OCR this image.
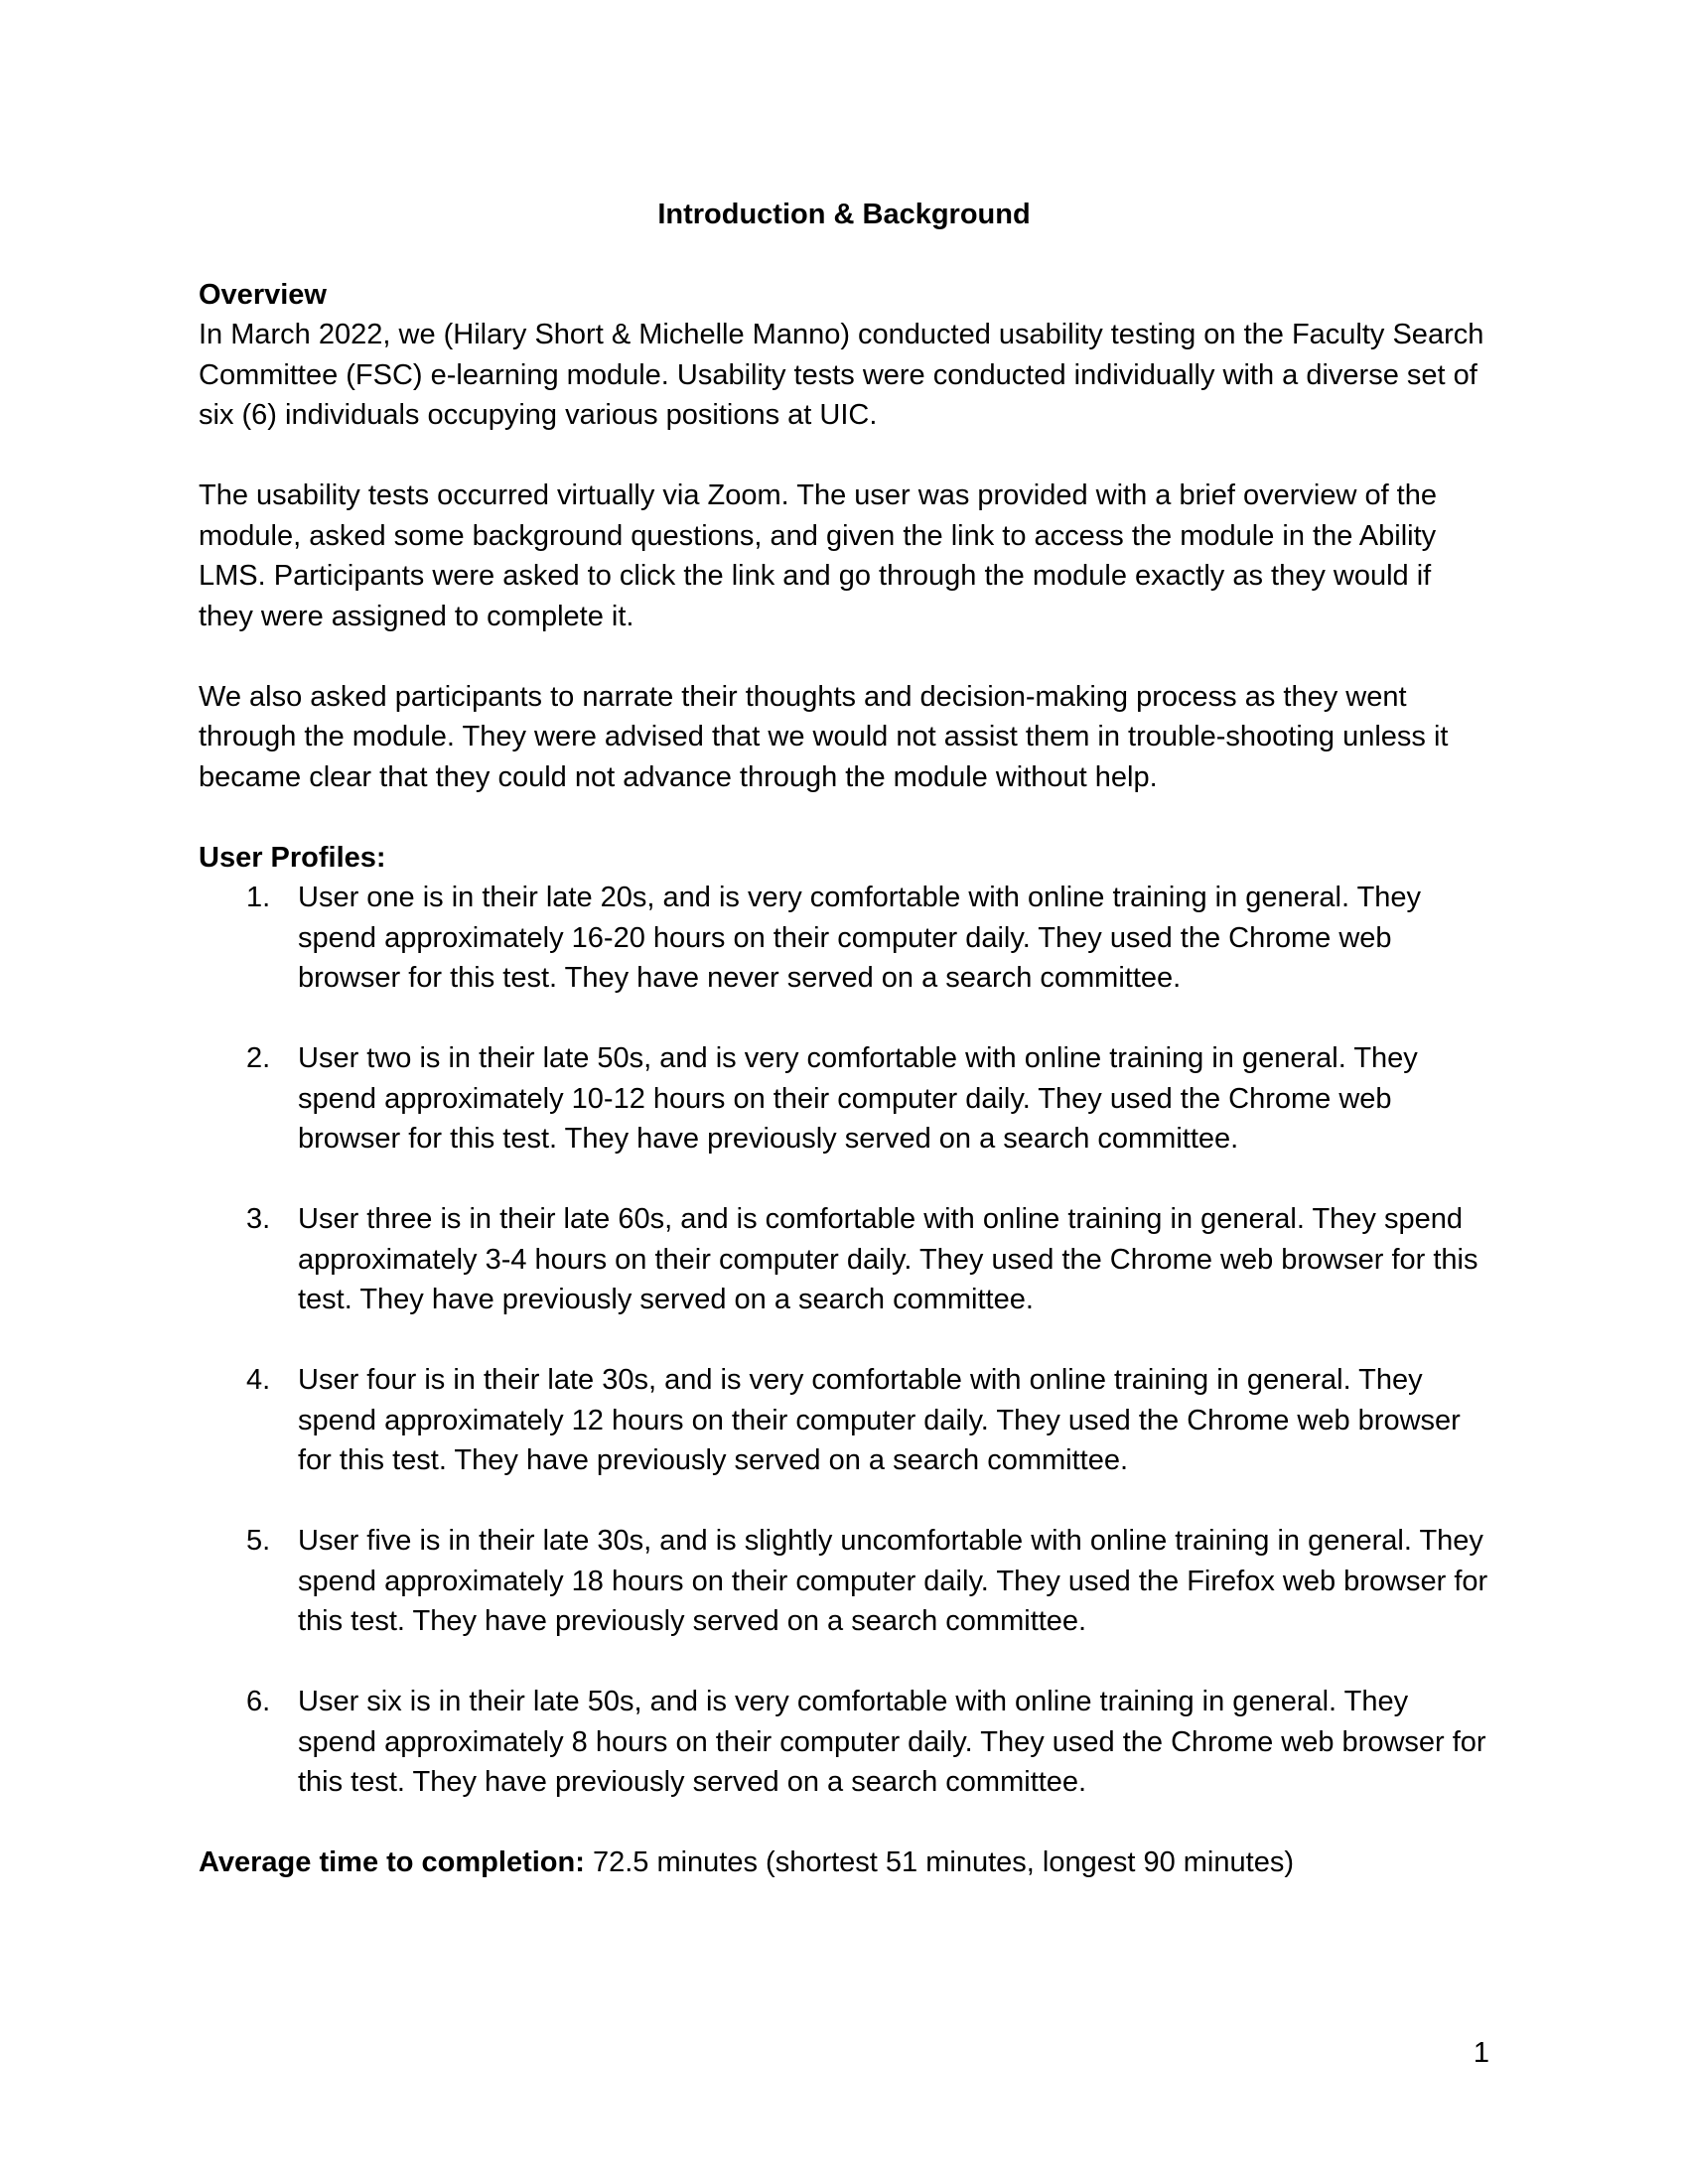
Introduction & Background
Overview

In March 2022, we (Hilary Short & Michelle Manno) conducted usability testing on the Faculty Search Committee (FSC) e-learning module. Usability tests were conducted individually with a diverse set of six (6) individuals occupying various positions at UIC.

The usability tests occurred virtually via Zoom. The user was provided with a brief overview of the module, asked some background questions, and given the link to access the module in the Ability LMS. Participants were asked to click the link and go through the module exactly as they would if they were assigned to complete it.

We also asked participants to narrate their thoughts and decision-making process as they went through the module. They were advised that we would not assist them in trouble-shooting unless it became clear that they could not advance through the module without help.

User Profiles:
1. User one is in their late 20s, and is very comfortable with online training in general. They spend approximately 16-20 hours on their computer daily. They used the Chrome web browser for this test. They have never served on a search committee.
2. User two is in their late 50s, and is very comfortable with online training in general. They spend approximately 10-12 hours on their computer daily. They used the Chrome web browser for this test. They have previously served on a search committee.
3. User three is in their late 60s, and is comfortable with online training in general. They spend approximately 3-4 hours on their computer daily. They used the Chrome web browser for this test. They have previously served on a search committee.
4. User four is in their late 30s, and is very comfortable with online training in general. They spend approximately 12 hours on their computer daily. They used the Chrome web browser for this test. They have previously served on a search committee.
5. User five is in their late 30s, and is slightly uncomfortable with online training in general. They spend approximately 18 hours on their computer daily. They used the Firefox web browser for this test. They have previously served on a search committee.
6. User six is in their late 50s, and is very comfortable with online training in general. They spend approximately 8 hours on their computer daily. They used the Chrome web browser for this test. They have previously served on a search committee.
Average time to completion: 72.5 minutes (shortest 51 minutes, longest 90 minutes)
1
